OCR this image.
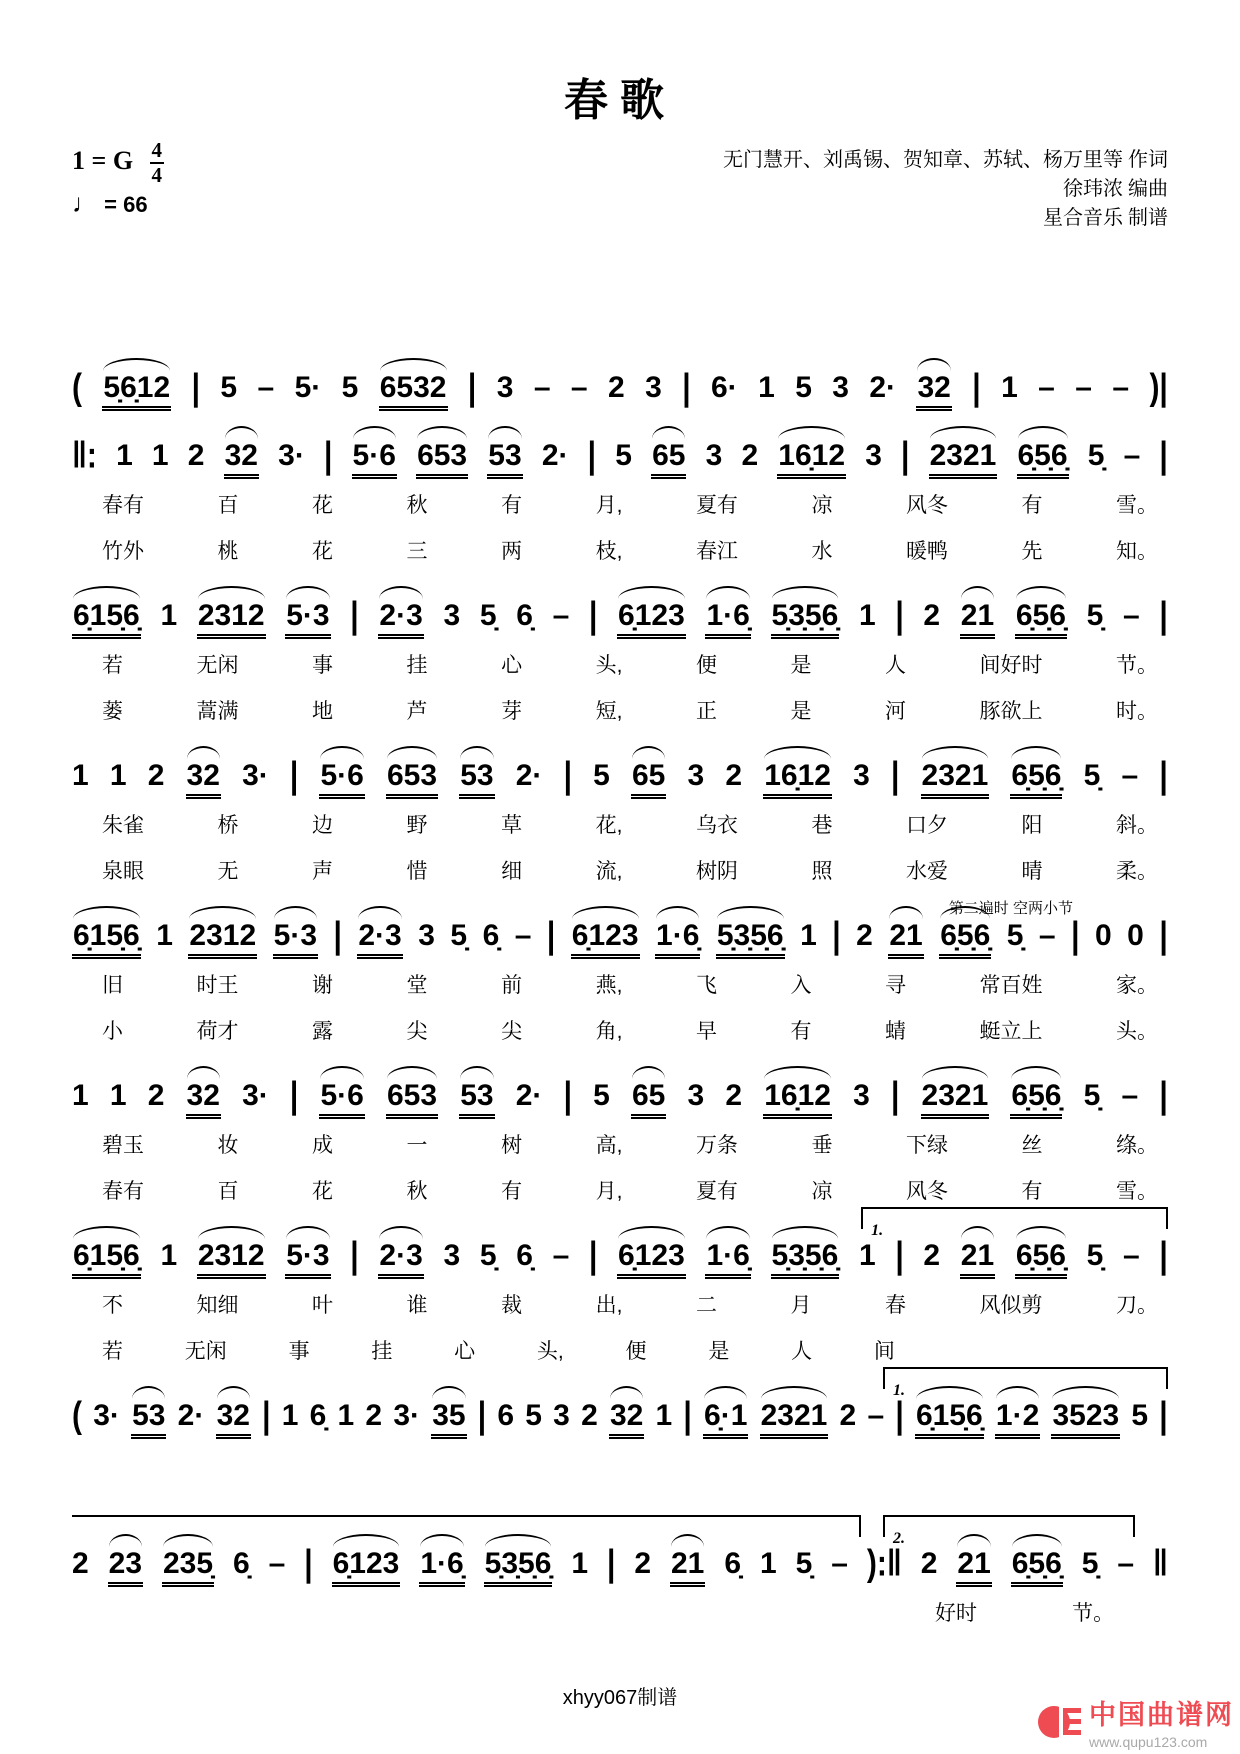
春歌
无门慧开、刘禹锡、贺知章、苏轼、杨万里等 作词
徐玮浓 编曲
星合音乐 制谱
1 = G $\frac{4}{4}$
♩ = 66
( 5̣6̣12 | 5 – 5· 5 6532 | 3 – – 2 3 | 6· 1 5 3 2· 32 | 1 – – – )|
‖: 1 1 2 32 3· | 5·6 653 53 2· | 5 65 3 2 16̣12 3 | 2321 6̣5̣6̣ 5̣ – |
春有	百	花	秋	有	月,	夏有	凉	风冬	有	雪。
竹外	桃	花	三	两	枝,	春江	水	暖鸭	先	知。
6̣15̣6̣ 1 2312 5·3 | 2·3 3 5̣ 6̣ – | 6̣123 1·6̣ 5̣3̣5̣6̣ 1 | 2 21 6̣5̣6̣ 5̣ – |
若	无闲	事	挂	心	头,	便	是	人	间好时	节。
蒌	蒿满	地	芦	芽	短,	正	是	河	豚欲上	时。
1 1 2 32 3· | 5·6 653 53 2· | 5 65 3 2 16̣12 3 | 2321 6̣5̣6̣ 5̣ – |
朱雀	桥	边	野	草	花,	乌衣	巷	口夕	阳	斜。
泉眼	无	声	惜	细	流,	树阴	照	水爱	晴	柔。
6̣15̣6̣ 1 2312 5·3 | 2·3 3 5̣ 6̣ – | 6̣123 1·6̣ 5̣3̣5̣6̣ 1 | 2 21 6̣5̣6̣ 5̣ – | 0 0 |
第二遍时 空两小节
旧	时王	谢	堂	前	燕,	飞	入	寻	常百姓	家。
小	荷才	露	尖	尖	角,	早	有	蜻	蜓立上	头。
1 1 2 32 3· | 5·6 653 53 2· | 5 65 3 2 16̣12 3 | 2321 6̣5̣6̣ 5̣ – |
碧玉	妆	成	一	树	高,	万条	垂	下绿	丝	绦。
春有	百	花	秋	有	月,	夏有	凉	风冬	有	雪。
6̣15̣6̣ 1 2312 5·3 | 2·3 3 5̣ 6̣ – | 6̣123 1·6̣ 5̣3̣5̣6̣ 1 | 2 21 6̣5̣6̣ 5̣ – |
1.
不	知细	叶	谁	裁	出,	二	月	春	风似剪	刀。
若	无闲	事	挂	心	头,	便	是	人	间
( 3· 53 2· 32 | 1 6̣ 1 2 3· 35 | 6 5 3 2 32 1 | 6̣·1 2321 2 – | 6̣15̣6̣ 1·2 3523 5 |
1.
2 23 235̣ 6̣ – | 6̣123 1·6̣ 5̣3̣5̣6̣ 1 | 2 21 6̣ 1 5̣ – ):‖ 2 21 6̣5̣6̣ 5̣ – ‖
2.
好时	节。
xhyy067制谱
中国曲谱网
www.qupu123.com
